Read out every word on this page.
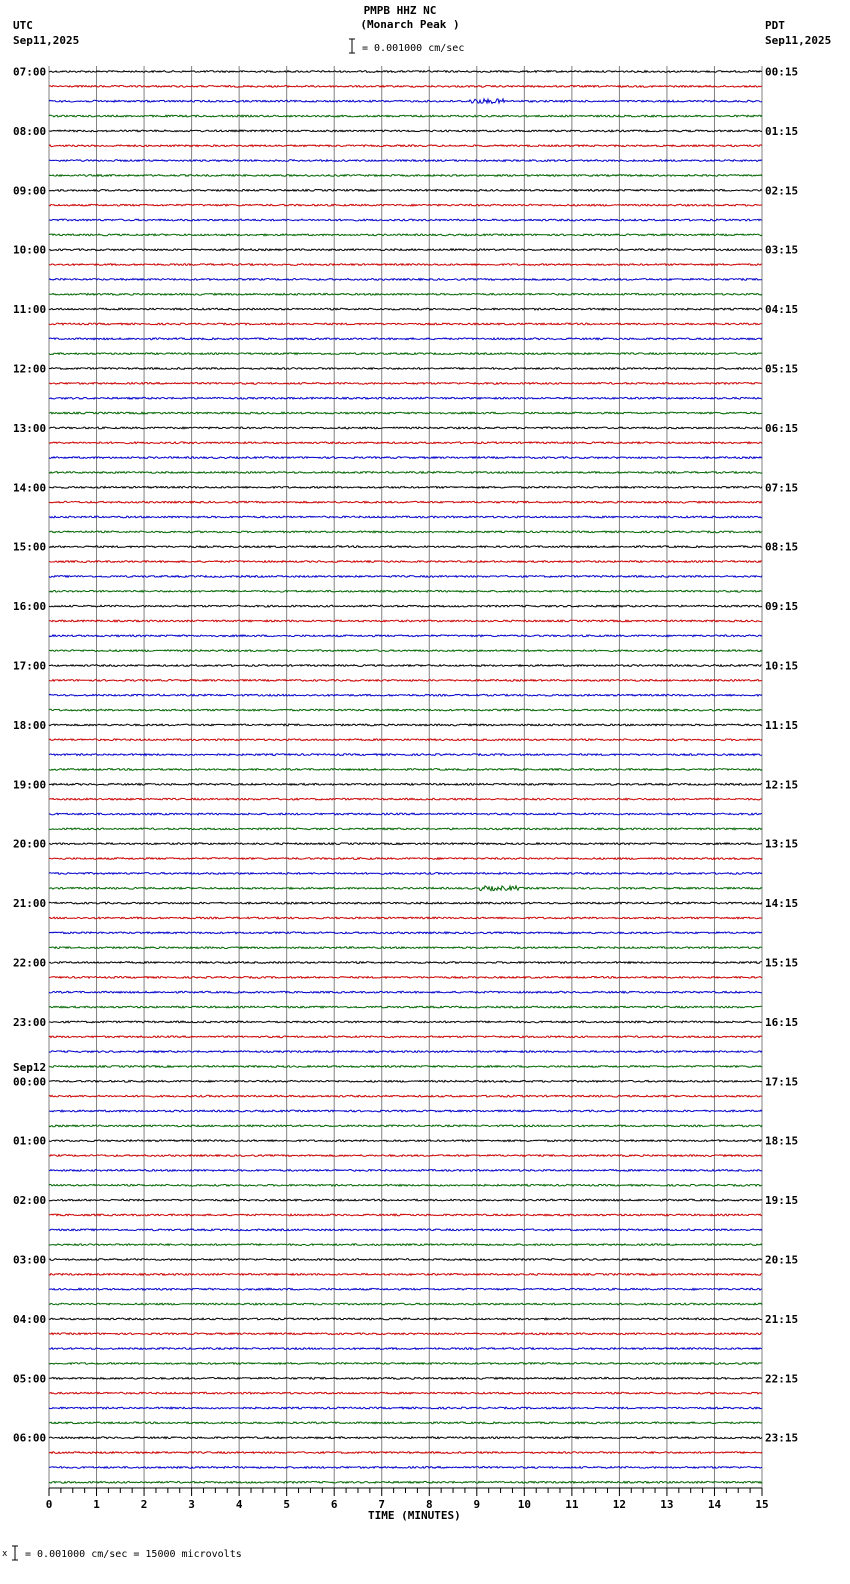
PMPB HHZ NC
(Monarch Peak )
UTC
Sep11,2025
PDT
Sep11,2025
= 0.001000 cm/sec
Sep12
x = 0.001000 cm/sec = 15000 microvolts
TIME (MINUTES)
07:00
08:00
09:00
10:00
11:00
12:00
13:00
14:00
15:00
16:00
17:00
18:00
19:00
20:00
21:00
22:00
23:00
00:00
01:00
02:00
03:00
04:00
05:00
06:00
00:15
01:15
02:15
03:15
04:15
05:15
06:15
07:15
08:15
09:15
10:15
11:15
12:15
13:15
14:15
15:15
16:15
17:15
18:15
19:15
20:15
21:15
22:15
23:15
0	1	2	3	4	5	6	7	8	9	10	11	12	13	14	15
